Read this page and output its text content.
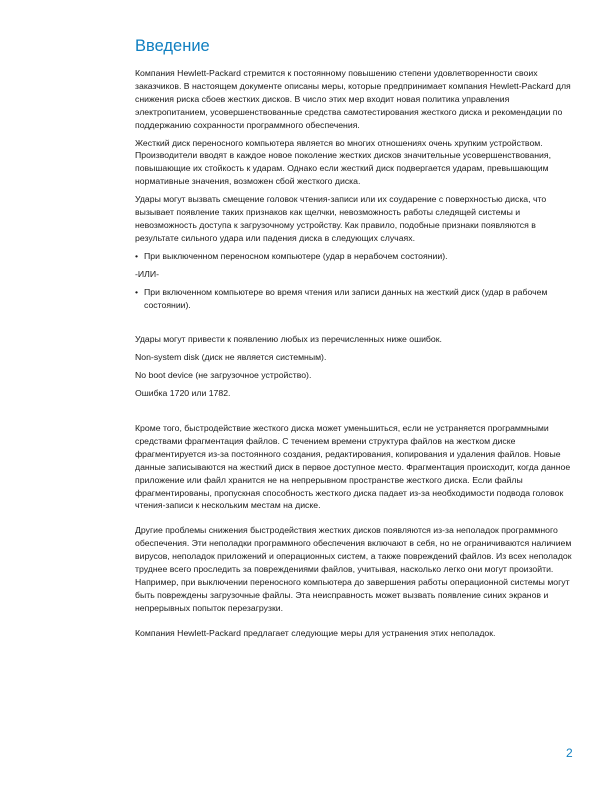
Введение

Компания Hewlett-Packard стремится к постоянному повышению степени удовлетворенности своих заказчиков. В настоящем документе описаны меры, которые предпринимает компания Hewlett-Packard для снижения риска сбоев жестких дисков. В число этих мер входит новая политика управления электропитанием, усовершенствованные средства самотестирования жесткого диска и рекомендации по поддержанию сохранности программного обеспечения.

Жесткий диск переносного компьютера является во многих отношениях очень хрупким устройством. Производители вводят в каждое новое поколение жестких дисков значительные усовершенствования, повышающие их стойкость к ударам. Однако если жесткий диск подвергается ударам, превышающим нормативные значения, возможен сбой жесткого диска.

Удары могут вызвать смещение головок чтения-записи или их соударение с поверхностью диска, что вызывает появление таких признаков как щелчки, невозможность работы следящей системы и невозможность доступа к загрузочному устройству. Как правило, подобные признаки появляются в результате сильного удара или падения диска в следующих случаях.

• При выключенном переносном компьютере (удар в нерабочем состоянии).
-ИЛИ-
• При включенном компьютере во время чтения или записи данных на жесткий диск (удар в рабочем состоянии).

Удары могут привести к появлению любых из перечисленных ниже ошибок.

Non-system disk (диск не является системным).

No boot device (не загрузочное устройство).

Ошибка 1720 или 1782.

Кроме того, быстродействие жесткого диска может уменьшиться, если не устраняется программными средствами фрагментация файлов. С течением времени структура файлов на жестком диске фрагментируется из-за постоянного создания, редактирования, копирования и удаления файлов. Новые данные записываются на жесткий диск в первое доступное место. Фрагментация происходит, когда данное приложение или файл хранится не на непрерывном пространстве жесткого диска. Если файлы фрагментированы, пропускная способность жесткого диска падает из-за необходимости подвода головок чтения-записи к нескольким местам на диске.

Другие проблемы снижения быстродействия жестких дисков появляются из-за неполадок программного обеспечения. Эти неполадки программного обеспечения включают в себя, но не ограничиваются наличием вирусов, неполадок приложений и операционных систем, а также повреждений файлов. Из всех неполадок труднее всего проследить за повреждениями файлов, учитывая, насколько легко они могут произойти. Например, при выключении переносного компьютера до завершения работы операционной системы могут быть повреждены загрузочные файлы. Эта неисправность может вызвать появление синих экранов и непрерывных попыток перезагрузки.

Компания Hewlett-Packard предлагает следующие меры для устранения этих неполадок.

2
